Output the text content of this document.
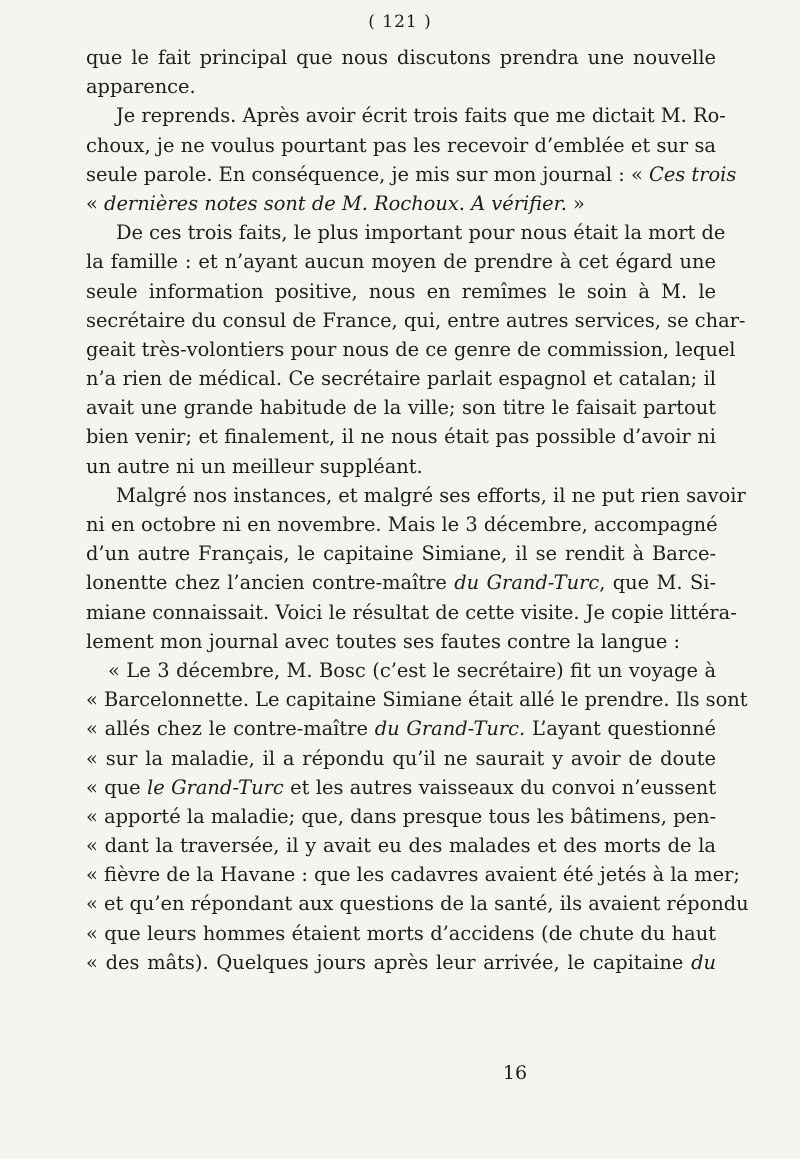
( 121 )
que le fait principal que nous discutons prendra une nouvelle
apparence.
Je reprends. Après avoir écrit trois faits que me dictait M. Ro-
choux, je ne voulus pourtant pas les recevoir d’emblée et sur sa
seule parole. En conséquence, je mis sur mon journal : « Ces trois
« dernières notes sont de M. Rochoux. A vérifier. »
De ces trois faits, le plus important pour nous était la mort de
la famille : et n’ayant aucun moyen de prendre à cet égard une
seule information positive, nous en remîmes le soin à M. le
secrétaire du consul de France, qui, entre autres services, se char-
geait très-volontiers pour nous de ce genre de commission, lequel
n’a rien de médical. Ce secrétaire parlait espagnol et catalan; il
avait une grande habitude de la ville; son titre le faisait partout
bien venir; et finalement, il ne nous était pas possible d’avoir ni
un autre ni un meilleur suppléant.
Malgré nos instances, et malgré ses efforts, il ne put rien savoir
ni en octobre ni en novembre. Mais le 3 décembre, accompagné
d’un autre Français, le capitaine Simiane, il se rendit à Barce-
lonentte chez l’ancien contre-maître du Grand-Turc, que M. Si-
miane connaissait. Voici le résultat de cette visite. Je copie littéra-
lement mon journal avec toutes ses fautes contre la langue :
« Le 3 décembre, M. Bosc (c’est le secrétaire) fit un voyage à
« Barcelonnette. Le capitaine Simiane était allé le prendre. Ils sont
« allés chez le contre-maître du Grand-Turc. L’ayant questionné
« sur la maladie, il a répondu qu’il ne saurait y avoir de doute
« que le Grand-Turc et les autres vaisseaux du convoi n’eussent
« apporté la maladie; que, dans presque tous les bâtimens, pen-
« dant la traversée, il y avait eu des malades et des morts de la
« fièvre de la Havane : que les cadavres avaient été jetés à la mer;
« et qu’en répondant aux questions de la santé, ils avaient répondu
« que leurs hommes étaient morts d’accidens (de chute du haut
« des mâts). Quelques jours après leur arrivée, le capitaine du
16
